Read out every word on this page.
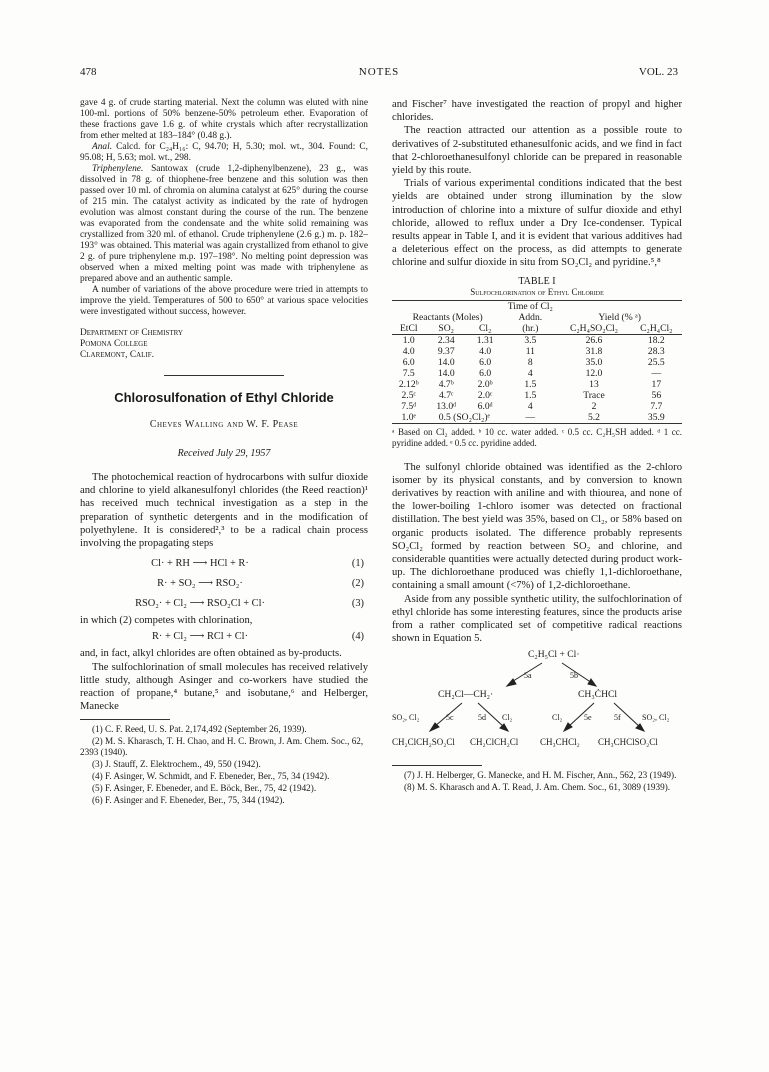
478	NOTES	VOL. 23

gave 4 g. of crude starting material. Next the column was eluted with nine 100-ml. portions of 50% benzene-50% petroleum ether. Evaporation of these fractions gave 1.6 g. of white crystals which after recrystallization from ether melted at 183–184° (0.48 g.).

Anal. Calcd. for C₂₄H₁₆: C, 94.70; H, 5.30; mol. wt., 304. Found: C, 95.08; H, 5.63; mol. wt., 298.

Triphenylene. Santowax (crude 1,2-diphenylbenzene), 23 g., was dissolved in 78 g. of thiophene-free benzene and this solution was then passed over 10 ml. of chromia on alumina catalyst at 625° during the course of 215 min. The catalyst activity as indicated by the rate of hydrogen evolution was almost constant during the course of the run. The benzene was evaporated from the condensate and the white solid remaining was crystallized from 320 ml. of ethanol. Crude triphenylene (2.6 g.) m. p. 182–193° was obtained. This material was again crystallized from ethanol to give 2 g. of pure triphenylene m.p. 197–198°. No melting point depression was observed when a mixed melting point was made with triphenylene as prepared above and an authentic sample.

A number of variations of the above procedure were tried in attempts to improve the yield. Temperatures of 500 to 650° at various space velocities were investigated without success, however.

Department of Chemistry
Pomona College
Claremont, Calif.
Chlorosulfonation of Ethyl Chloride
Cheves Walling and W. F. Pease
Received July 29, 1957

The photochemical reaction of hydrocarbons with sulfur dioxide and chlorine to yield alkanesulfonyl chlorides (the Reed reaction)¹ has received much technical investigation as a step in the preparation of synthetic detergents and in the modification of polyethylene. It is considered²,³ to be a radical chain process involving the propagating steps

Cl· + RH ⟶ HCl + R·	(1)
R· + SO₂ ⟶ RSO₂·	(2)
RSO₂· + Cl₂ ⟶ RSO₂Cl + Cl·	(3)

in which (2) competes with chlorination,

R· + Cl₂ ⟶ RCl + Cl·	(4)

and, in fact, alkyl chlorides are often obtained as by-products.

The sulfochlorination of small molecules has received relatively little study, although Asinger and co-workers have studied the reaction of propane,⁴ butane,⁵ and isobutane,⁶ and Helberger, Manecke

(1) C. F. Reed, U. S. Pat. 2,174,492 (September 26, 1939).

(2) M. S. Kharasch, T. H. Chao, and H. C. Brown, J. Am. Chem. Soc., 62, 2393 (1940).

(3) J. Stauff, Z. Elektrochem., 49, 550 (1942).

(4) F. Asinger, W. Schmidt, and F. Ebeneder, Ber., 75, 34 (1942).

(5) F. Asinger, F. Ebeneder, and E. Böck, Ber., 75, 42 (1942).

(6) F. Asinger and F. Ebeneder, Ber., 75, 344 (1942).

and Fischer⁷ have investigated the reaction of propyl and higher chlorides.

The reaction attracted our attention as a possible route to derivatives of 2-substituted ethanesulfonic acids, and we find in fact that 2-chloroethanesulfonyl chloride can be prepared in reasonable yield by this route.

Trials of various experimental conditions indicated that the best yields are obtained under strong illumination by the slow introduction of chlorine into a mixture of sulfur dioxide and ethyl chloride, allowed to reflux under a Dry Ice-condenser. Typical results appear in Table I, and it is evident that various additives had a deleterious effect on the process, as did attempts to generate chlorine and sulfur dioxide in situ from SO₂Cl₂ and pyridine.⁵,⁸

TABLE I
Sulfochlorination of Ethyl Chloride
Reactants (Moles)			Time of Cl₂ Addn.	Yield (% ᵃ)	
EtCl	SO₂	Cl₂	(hr.)	C₂H₄SO₂Cl₂	C₂H₄Cl₂
1.0	2.34	1.31	3.5	26.6	18.2
4.0	9.37	4.0	11	31.8	28.3
6.0	14.0	6.0	8	35.0	25.5
7.5	14.0	6.0	4	12.0	—
2.12ᵇ	4.7ᵇ	2.0ᵇ	1.5	13	17
2.5ᶜ	4.7ᶜ	2.0ᶜ	1.5	Trace	56
7.5ᵈ	13.0ᵈ	6.0ᵈ	4	2	7.7
1.0ᵉ	0.5 (SO₂Cl₂)ᵉ		—	5.2	35.9

ᵃ Based on Cl₂ added. ᵇ 10 cc. water added. ᶜ 0.5 cc. C₂H₅SH added. ᵈ 1 cc. pyridine added. ᵉ 0.5 cc. pyridine added.

The sulfonyl chloride obtained was identified as the 2-chloro isomer by its physical constants, and by conversion to known derivatives by reaction with aniline and with thiourea, and none of the lower-boiling 1-chloro isomer was detected on fractional distillation. The best yield was 35%, based on Cl₂, or 58% based on organic products isolated. The difference probably represents SO₂Cl₂ formed by reaction between SO₂ and chlorine, and considerable quantities were actually detected during product work-up. The dichloroethane produced was chiefly 1,1-dichloroethane, containing a small amount (<7%) of 1,2-dichloroethane.

Aside from any possible synthetic utility, the sulfochlorination of ethyl chloride has some interesting features, since the products arise from a rather complicated set of competitive radical reactions shown in Equation 5.

C₂H₅Cl + Cl·
5a	5b
CH₂Cl—CH₂·	CH₃ĊHCl
SO₂, Cl₂	5c	5d Cl₂	Cl₂	5e	5f	SO₂, Cl₂
CH₂ClCH₂SO₂Cl CH₂ClCH₂Cl CH₃CHCl₂ CH₃CHClSO₂Cl

(7) J. H. Helberger, G. Manecke, and H. M. Fischer, Ann., 562, 23 (1949).

(8) M. S. Kharasch and A. T. Read, J. Am. Chem. Soc., 61, 3089 (1939).
